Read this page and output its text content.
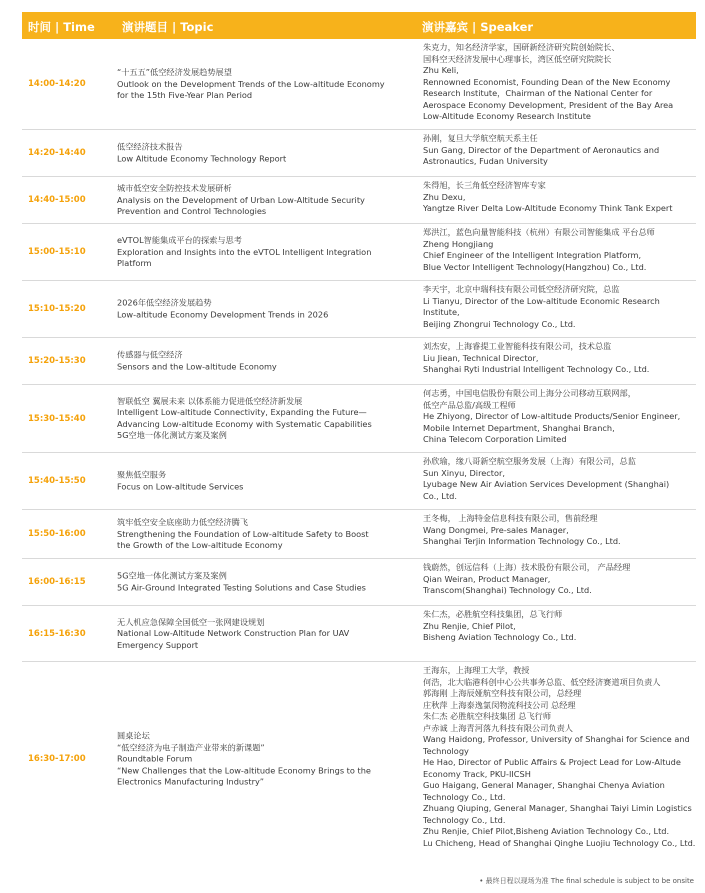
时间 | Time 演讲题目 | Topic	演讲嘉宾 | Speaker
14:00-14:20
“十五五”低空经济发展趋势展望
Outlook on the Development Trends of the Low-altitude Economy
for the 15th Five-Year Plan Period
朱克力，知名经济学家，国研新经济研究院创始院长、
国科空天经济发展中心理事长，湾区低空研究院院长
Zhu Keli,
Rennowned Economist, Founding Dean of the New Economy
Research Institute，Chairman of the National Center for
Aerospace Economy Development, President of the Bay Area
Low-Altitude Economy Research Institute
14:20-14:40
低空经济技术报告
Low Altitude Economy Technology Report
孙刚，复旦大学航空航天系主任
Sun Gang, Director of the Department of Aeronautics and
Astronautics, Fudan University
14:40-15:00
城市低空安全防控技术发展研析
Analysis on the Development of Urban Low-Altitude Security
Prevention and Control Technologies
朱得旭，长三角低空经济智库专家
Zhu Dexu,
Yangtze River Delta Low-Altitude Economy Think Tank Expert
15:00-15:10
eVTOL智能集成平台的探索与思考
Exploration and Insights into the eVTOL Intelligent Integration
Platform
郑洪江，蓝色向量智能科技（杭州）有限公司智能集成 平台总师
Zheng Hongjiang
Chief Engineer of the Intelligent Integration Platform,
Blue Vector Intelligent Technology(Hangzhou) Co., Ltd.
15:10-15:20
2026年低空经济发展趋势
Low-altitude Economy Development Trends in 2026
李天宇，北京中瑞科技有限公司低空经济研究院，总监
Li Tianyu, Director of the Low-altitude Economic Research
Institute,
Beijing Zhongrui Technology Co., Ltd.
15:20-15:30
传感器与低空经济
Sensors and the Low-altitude Economy
刘杰安，上海睿提工业智能科技有限公司，技术总监
Liu Jiean, Technical Director,
Shanghai Ryti Industrial Intelligent Technology Co., Ltd.
15:30-15:40
智联低空 翼展未来 以体系能力促进低空经济新发展
Intelligent Low-altitude Connectivity, Expanding the Future—
Advancing Low-altitude Economy with Systematic Capabilities
5G空地一体化测试方案及案例
何志勇，中国电信股份有限公司上海分公司移动互联网部，
低空产品总监/高级工程师
He Zhiyong, Director of Low-altitude Products/Senior Engineer,
Mobile Internet Department, Shanghai Branch,
China Telecom Corporation Limited
15:40-15:50
聚焦低空服务
Focus on Low-altitude Services
孙欣瑜，缘八哥新空航空服务发展（上海）有限公司，总监
Sun Xinyu, Director,
Lyubage New Air Aviation Services Development (Shanghai)
Co., Ltd.
15:50-16:00
筑牢低空安全底座助力低空经济腾飞
Strengthening the Foundation of Low-altitude Safety to Boost
the Growth of the Low-altitude Economy
王冬梅， 上海特金信息科技有限公司，售前经理
Wang Dongmei, Pre-sales Manager,
Shanghai Terjin Information Technology Co., Ltd.
16:00-16:15
5G空地一体化测试方案及案例
5G Air-Ground Integrated Testing Solutions and Case Studies
钱蔚然，创远信科（上海）技术股份有限公司， 产品经理
Qian Weiran, Product Manager,
Transcom(Shanghai) Technology Co., Ltd.
16:15-16:30
无人机应急保障全国低空一张网建设规划
National Low-Altitude Network Construction Plan for UAV
Emergency Support
朱仁杰，必胜航空科技集团，总飞行师
Zhu Renjie, Chief Pilot,
Bisheng Aviation Technology Co., Ltd.
16:30-17:00
圆桌论坛
“低空经济为电子制造产业带来的新课题”
Roundtable Forum
“New Challenges that the Low-altitude Economy Brings to the
Electronics Manufacturing Industry”
王海东，上海理工大学，教授
何浩，北大临港科创中心公共事务总监、低空经济赛道项目负责人
郭海刚 上海辰娅航空科技有限公司，总经理
庄秋萍 上海泰逸氯闵物流科技公司 总经理
朱仁杰 必胜航空科技集团 总飞行师
卢赤诚 上海青河落九科技有限公司负责人
Wang Haidong, Professor, University of Shanghai for Science and Technology
He Hao, Director of Public Affairs & Project Lead for Low-Altude
Economy Track, PKU-IICSH
Guo Haigang, General Manager, Shanghai Chenya Aviation
Technology Co., Ltd.
Zhuang Qiuping, General Manager, Shanghai Taiyi Limin Logistics
Technology Co., Ltd.
Zhu Renjie, Chief Pilot,Bisheng Aviation Technology Co., Ltd.
Lu Chicheng, Head of Shanghai Qinghe Luojiu Technology Co., Ltd.
• 最终日程以现场为准 The final schedule is subject to be onsite
